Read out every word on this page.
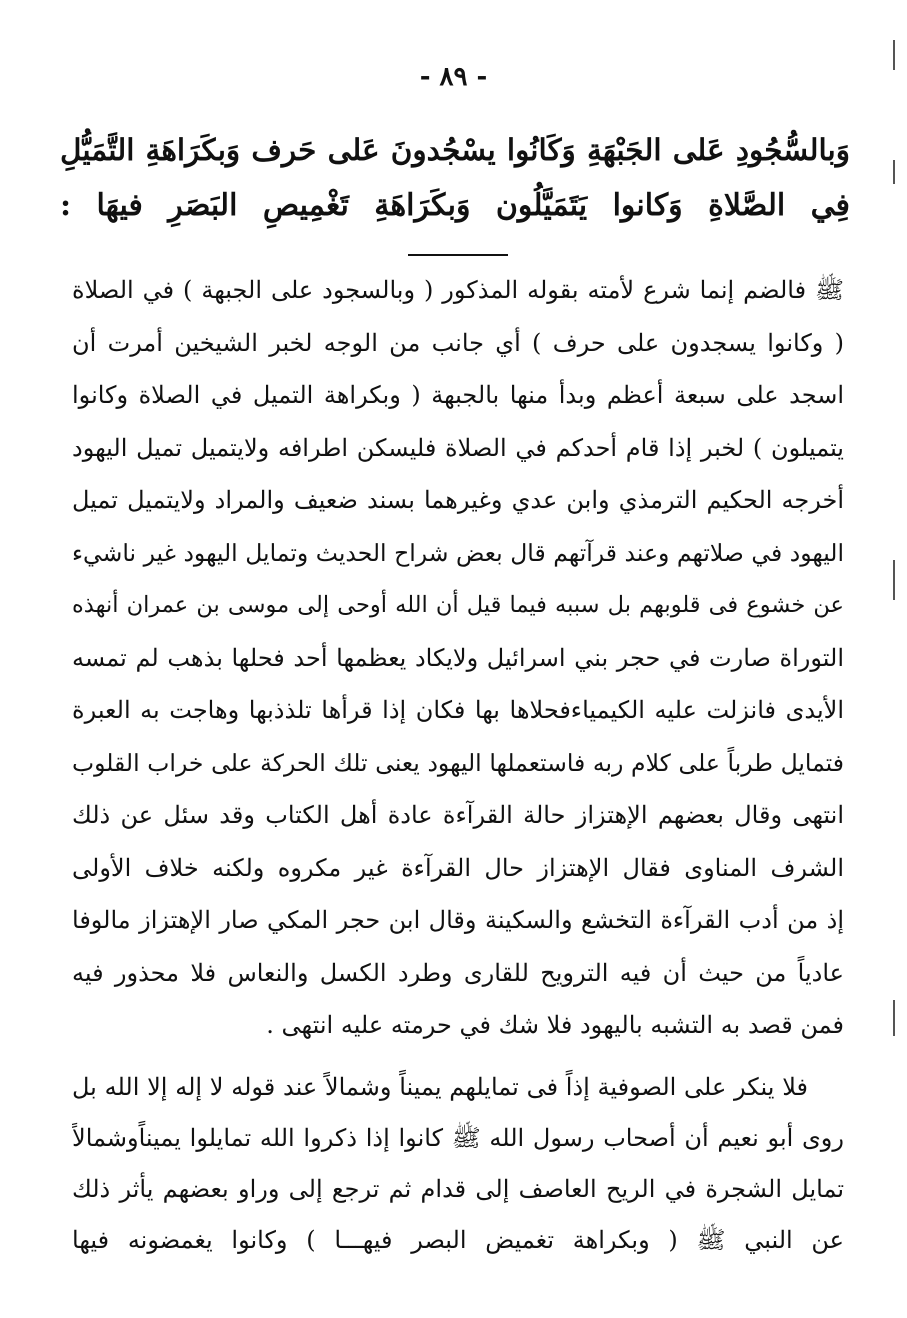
- ٨٩ -
وَبالسُّجُودِ عَلى الجَبْهَةِ وَكَانُوا يسْجُدونَ عَلى حَرف وَبكَرَاهَةِ التَّمَيُّلِ
فِي الصَّلاةِ وَكانوا يَتَمَيَّلُون وَبكَرَاهَةِ تَغْمِيصِ البَصَرِ فيهَا :
ﷺ فالضم إنما شرع لأمته بقوله المذكور ( وبالسجود على الجبهة ) في الصلاة
( وكانوا يسجدون على حرف ) أي جانب من الوجه لخبر الشيخين أمرت أن
اسجد على سبعة أعظم وبدأ منها بالجبهة ( وبكراهة التميل في الصلاة وكانوا
يتميلون ) لخبر إذا قام أحدكم في الصلاة فليسكن اطرافه ولايتميل تميل اليهود
أخرجه الحكيم الترمذي وابن عدي وغيرهما بسند ضعيف والمراد ولايتميل تميل
اليهود في صلاتهم وعند قرآتهم قال بعض شراح الحديث وتمايل اليهود غير ناشيء
عن خشوع فى قلوبهم بل سببه فيما قيل أن الله أوحى إلى موسى بن عمران أنهذه
التوراة صارت في حجر بني اسرائيل ولايكاد يعظمها أحد فحلها بذهب لم تمسه
الأيدى فانزلت عليه الكيمياءفحلاها بها فكان إذا قرأها تلذذبها وهاجت به العبرة
فتمايل طرباً على كلام ربه فاستعملها اليهود يعنى تلك الحركة على خراب القلوب
انتهى وقال بعضهم الإهتزاز حالة القرآءة عادة أهل الكتاب وقد سئل عن ذلك
الشرف المناوى فقال الإهتزاز حال القرآءة غير مكروه ولكنه خلاف الأولى
إذ من أدب القرآءة التخشع والسكينة وقال ابن حجر المكي صار الإهتزاز مالوفا
عادياً من حيث أن فيه الترويح للقارى وطرد الكسل والنعاس فلا محذور فيه
فمن قصد به التشبه باليهود فلا شك في حرمته عليه انتهى .
فلا ينكر على الصوفية إذاً فى تمايلهم يميناً وشمالاً عند قوله لا إله إلا الله بل
روى أبو نعيم أن أصحاب رسول الله ﷺ كانوا إذا ذكروا الله تمايلوا يميناًوشمالاً
تمايل الشجرة في الريح العاصف إلى قدام ثم ترجع إلى وراو بعضهم يأثر ذلك
عن النبي ﷺ ( وبكراهة تغميض البصر فيهـــا ) وكانوا يغمضونه فيها
